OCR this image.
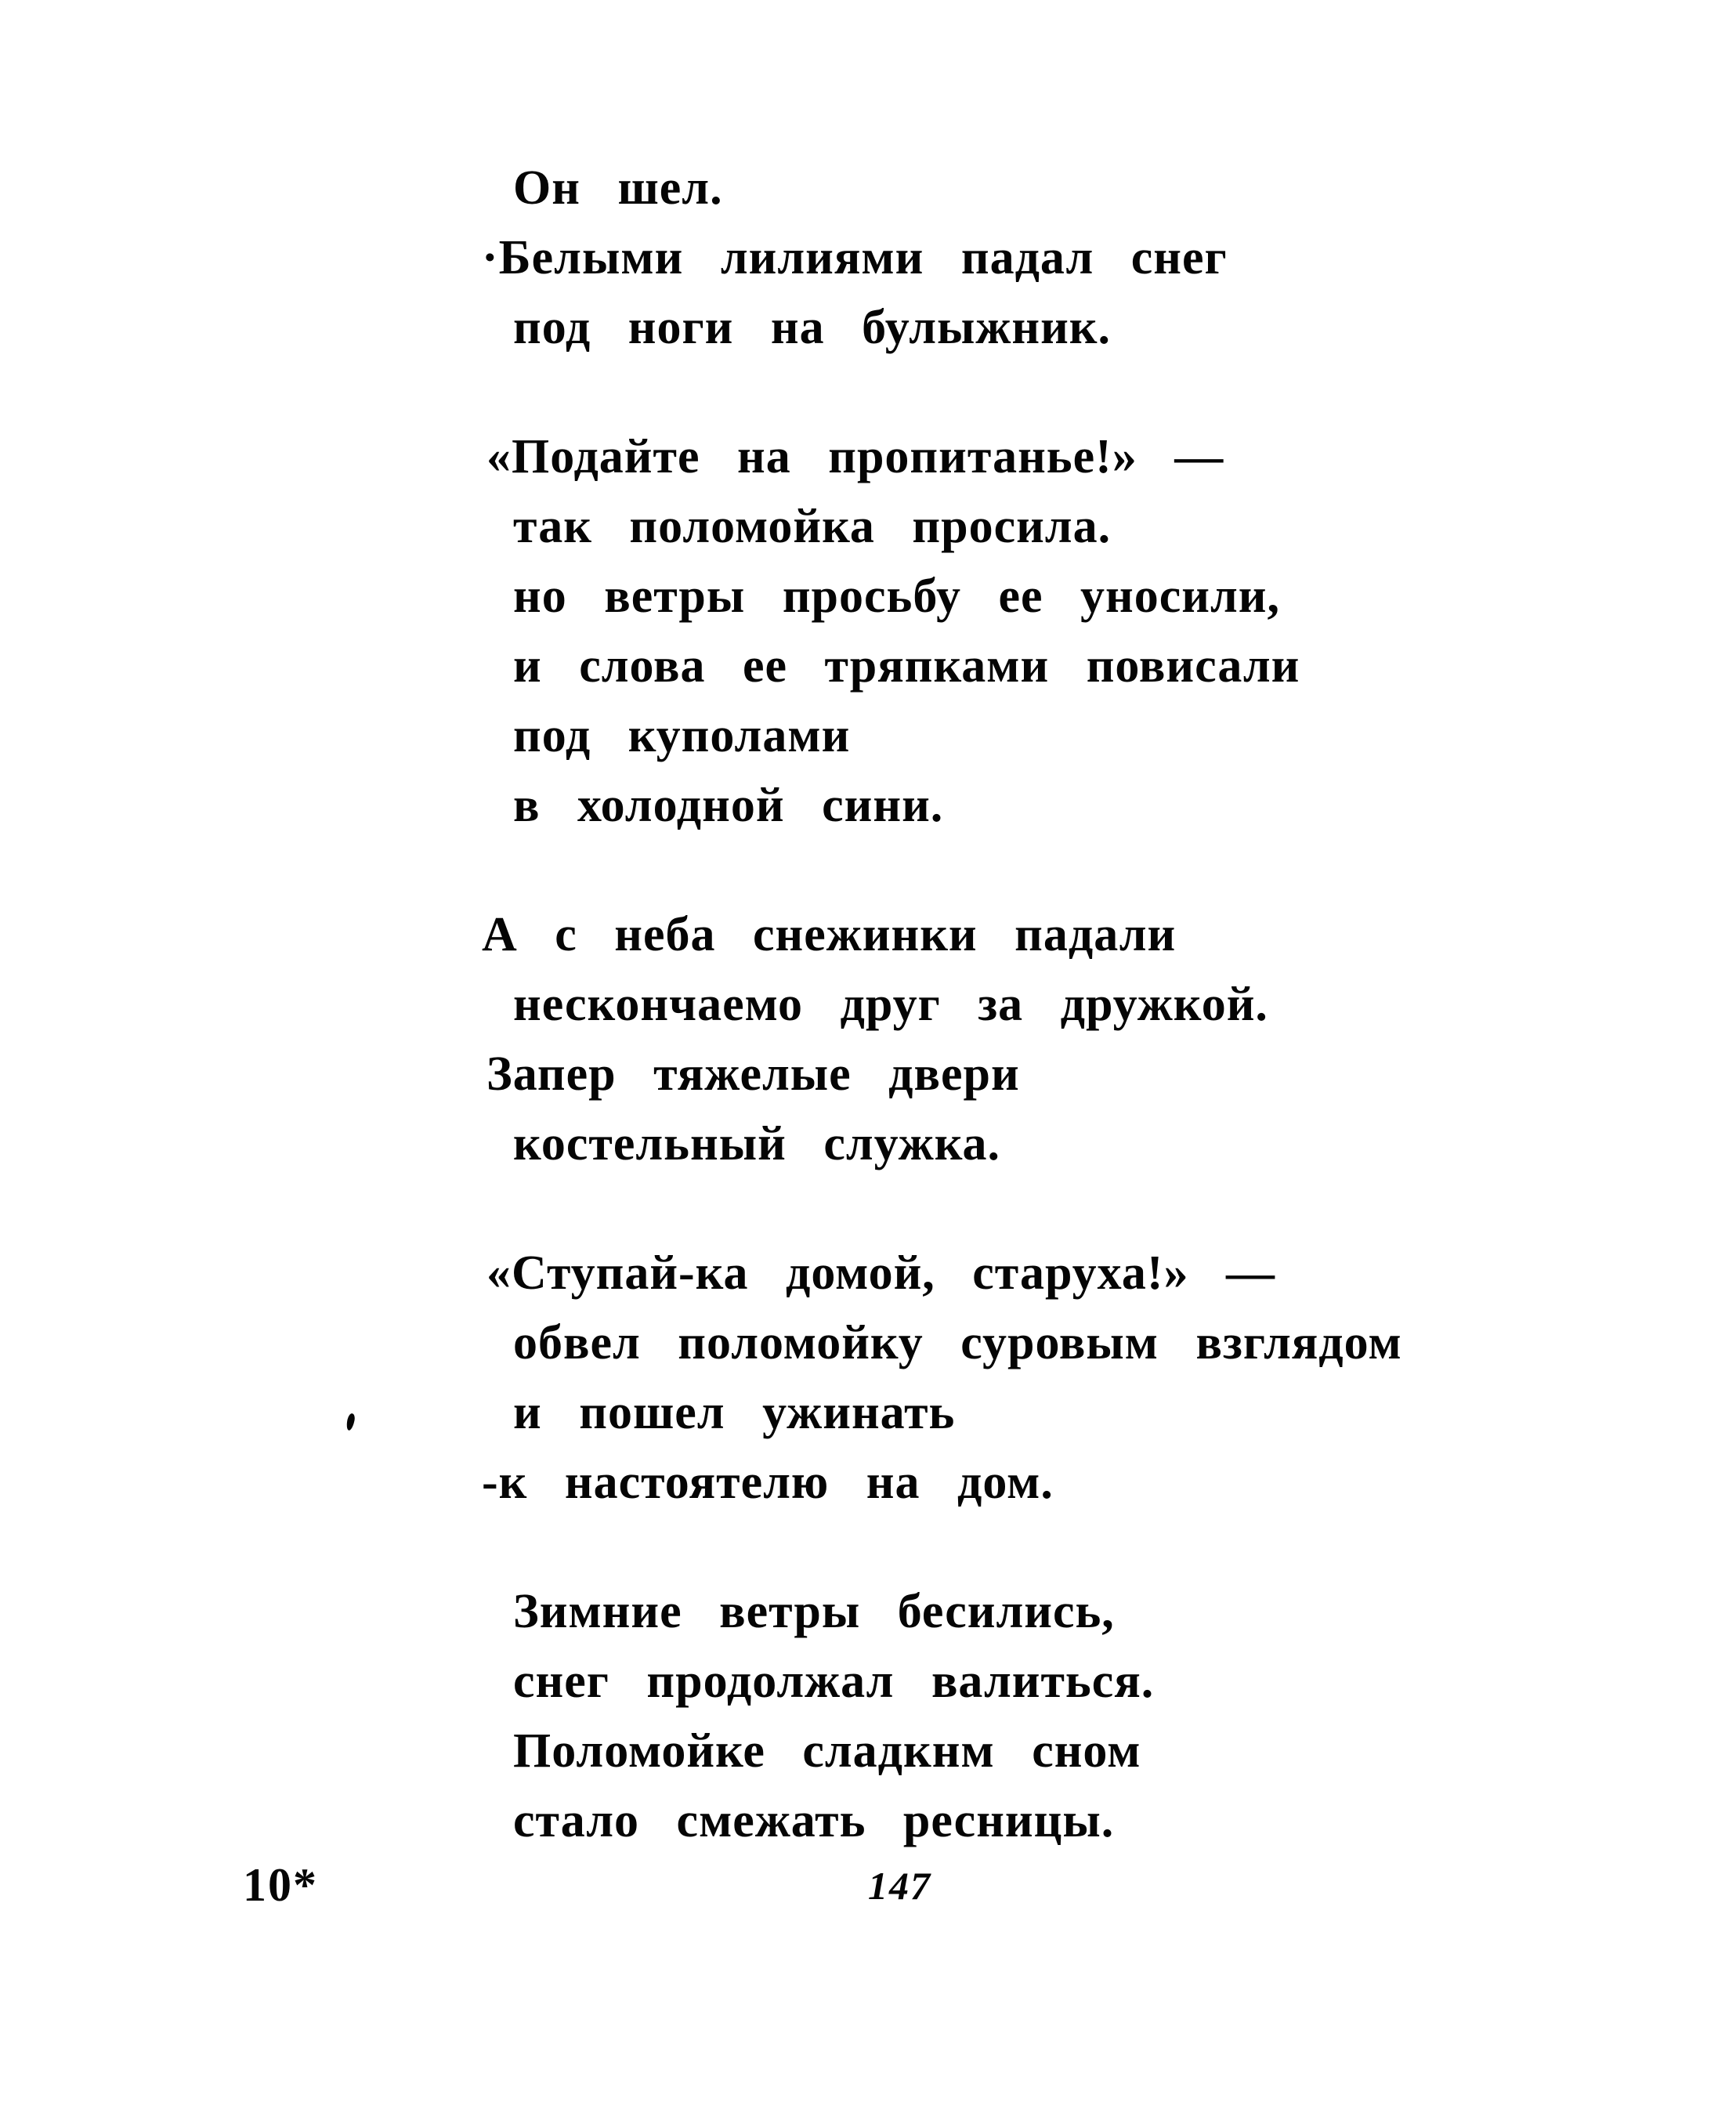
Он шел.
·Белыми лилиями падал снег
под ноги на булыжник.
«Подайте на пропитанье!» —
так поломойка просила.
но ветры просьбу ее уносили,
и слова ее тряпками повисали
под куполами
в холодной сини.
А с неба снежинки падали
нескончаемо друг за дружкой.
Запер тяжелые двери
костельный служка.
«Ступай-ка домой, старуха!» —
обвел поломойку суровым взглядом
и пошел ужинать
-к настоятелю на дом.
Зимние ветры бесились,
снег продолжал валиться.
Поломойке сладкнм сном
стало смежать ресницы.
10*	147
